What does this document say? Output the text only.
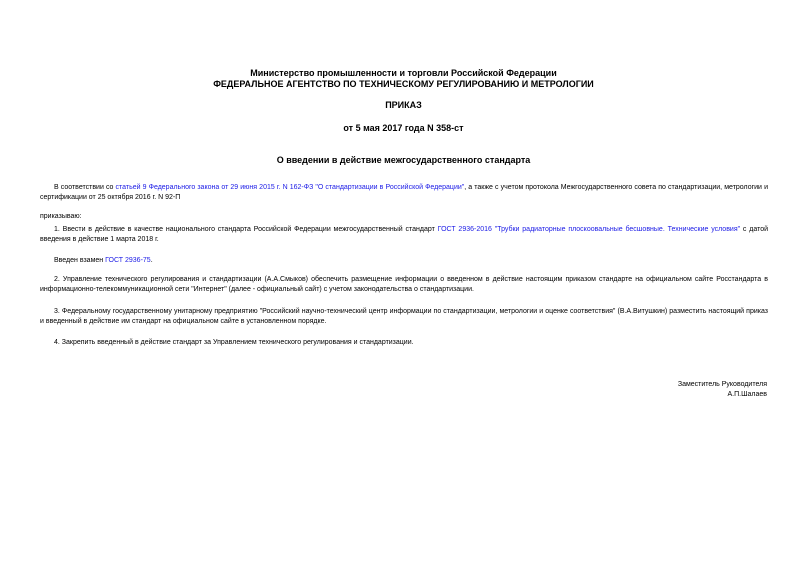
Министерство промышленности и торговли Российской Федерации
ФЕДЕРАЛЬНОЕ АГЕНТСТВО ПО ТЕХНИЧЕСКОМУ РЕГУЛИРОВАНИЮ И МЕТРОЛОГИИ
ПРИКАЗ
от 5 мая 2017 года N 358-ст
О введении в действие межгосударственного стандарта
В соответствии со статьей 9 Федерального закона от 29 июня 2015 г. N 162-ФЗ "О стандартизации в Российской Федерации", а также с учетом протокола Межгосударственного совета по стандартизации, метрологии и сертификации от 25 октября 2016 г. N 92-П
приказываю:
1. Ввести в действие в качестве национального стандарта Российской Федерации межгосударственный стандарт ГОСТ 2936-2016 "Трубки радиаторные плоскоовальные бесшовные. Технические условия" с датой введения в действие 1 марта 2018 г.
Введен взамен ГОСТ 2936-75.
2. Управление технического регулирования и стандартизации (А.А.Смыков) обеспечить размещение информации о введенном в действие настоящим приказом стандарте на официальном сайте Росстандарта в информационно-телекоммуникационной сети "Интернет" (далее - официальный сайт) с учетом законодательства о стандартизации.
3. Федеральному государственному унитарному предприятию "Российский научно-технический центр информации по стандартизации, метрологии и оценке соответствия" (В.А.Витушкин) разместить настоящий приказ и введенный в действие им стандарт на официальном сайте в установленном порядке.
4. Закрепить введенный в действие стандарт за Управлением технического регулирования и стандартизации.
Заместитель Руководителя
А.П.Шалаев
